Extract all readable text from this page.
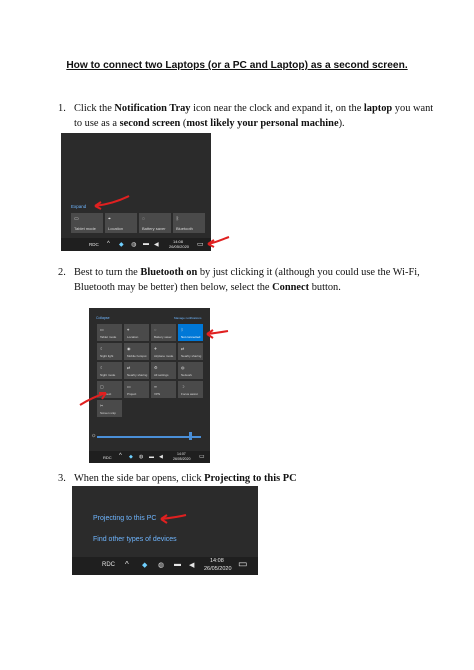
How to connect two Laptops (or a PC and Laptop) as a second screen.
1. Click the Notification Tray icon near the clock and expand it, on the laptop you want to use as a second screen (most likely your personal machine).
Expand
▭
Tablet mode
⌖
Location
◌
Battery saver
ᛒ
Bluetooth
RDC ^ ◆ ◍ ▬ ◀
14:08
26/05/2020 ▭
2. Best to turn the Bluetooth on by just clicking it (although you could use the Wi-Fi, Bluetooth may be better) then below, select the Connect button.
Collapse	Manage notifications
▭
Tablet mode
⌖
Location
◌
Battery saver
ᛒ
Not connected
☾
Night light
◉
Mobile hotspot
✈
Airplane mode
⇄
Nearby sharing
☾
Night mode
⇄
Nearby sharing
⚙
All settings
◍
Network
▢
Connect
▭
Project
∞
VPN
☽
Focus assist
✂
Screen snip
☼
RDC ^ ◆ ◍ ▬ ◀	14:07
26/05/2020 ▭
3. When the side bar opens, click Projecting to this PC
Projecting to this PC
Find other types of devices
RDC ^ ◆ ◍ ▬ ◀
14:08
26/05/2020 ▭
